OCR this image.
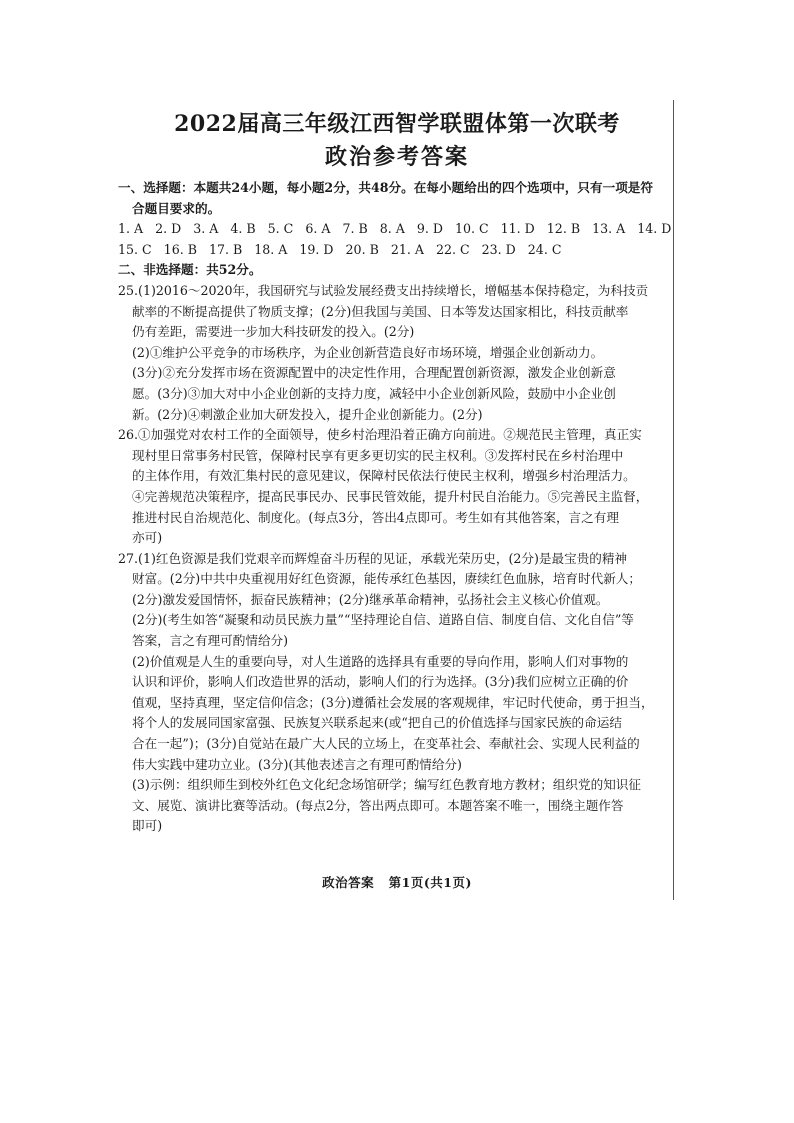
2022届高三年级江西智学联盟体第一次联考
政治参考答案
一、选择题：本题共24小题，每小题2分，共48分。在每小题给出的四个选项中，只有一项是符
合题目要求的。
1. A   2. D   3. A   4. B   5. C   6. A   7. B   8. A   9. D   10. C   11. D   12. B   13. A   14. D
15. C   16. B   17. B   18. A   19. D   20. B   21. A   22. C   23. D   24. C
二、非选择题：共52分。
25.(1)2016～2020年，我国研究与试验发展经费支出持续增长，增幅基本保持稳定，为科技贡
献率的不断提高提供了物质支撑；(2分)但我国与美国、日本等发达国家相比，科技贡献率
仍有差距，需要进一步加大科技研发的投入。(2分)
(2)①维护公平竞争的市场秩序，为企业创新营造良好市场环境，增强企业创新动力。
(3分)②充分发挥市场在资源配置中的决定性作用，合理配置创新资源，激发企业创新意
愿。(3分)③加大对中小企业创新的支持力度，减轻中小企业创新风险，鼓励中小企业创
新。(2分)④刺激企业加大研发投入，提升企业创新能力。(2分)
26.①加强党对农村工作的全面领导，使乡村治理沿着正确方向前进。②规范民主管理，真正实
现村里日常事务村民管，保障村民享有更多更切实的民主权利。③发挥村民在乡村治理中
的主体作用，有效汇集村民的意见建议，保障村民依法行使民主权利，增强乡村治理活力。
④完善规范决策程序，提高民事民办、民事民管效能，提升村民自治能力。⑤完善民主监督，
推进村民自治规范化、制度化。(每点3分，答出4点即可。考生如有其他答案，言之有理
亦可)
27.(1)红色资源是我们党艰辛而辉煌奋斗历程的见证，承载光荣历史，(2分)是最宝贵的精神
财富。(2分)中共中央重视用好红色资源，能传承红色基因，赓续红色血脉，培育时代新人；
(2分)激发爱国情怀，振奋民族精神；(2分)继承革命精神，弘扬社会主义核心价值观。
(2分)(考生如答“凝聚和动员民族力量”“坚持理论自信、道路自信、制度自信、文化自信”等
答案，言之有理可酌情给分)
(2)价值观是人生的重要向导，对人生道路的选择具有重要的导向作用，影响人们对事物的
认识和评价，影响人们改造世界的活动，影响人们的行为选择。(3分)我们应树立正确的价
值观，坚持真理，坚定信仰信念；(3分)遵循社会发展的客观规律，牢记时代使命，勇于担当，
将个人的发展同国家富强、民族复兴联系起来(或“把自己的价值选择与国家民族的命运结
合在一起”)；(3分)自觉站在最广大人民的立场上，在变革社会、奉献社会、实现人民利益的
伟大实践中建功立业。(3分)(其他表述言之有理可酌情给分)
(3)示例：组织师生到校外红色文化纪念场馆研学；编写红色教育地方教材；组织党的知识征
文、展览、演讲比赛等活动。(每点2分，答出两点即可。本题答案不唯一，围绕主题作答
即可)
政治答案   第1页(共1页)
